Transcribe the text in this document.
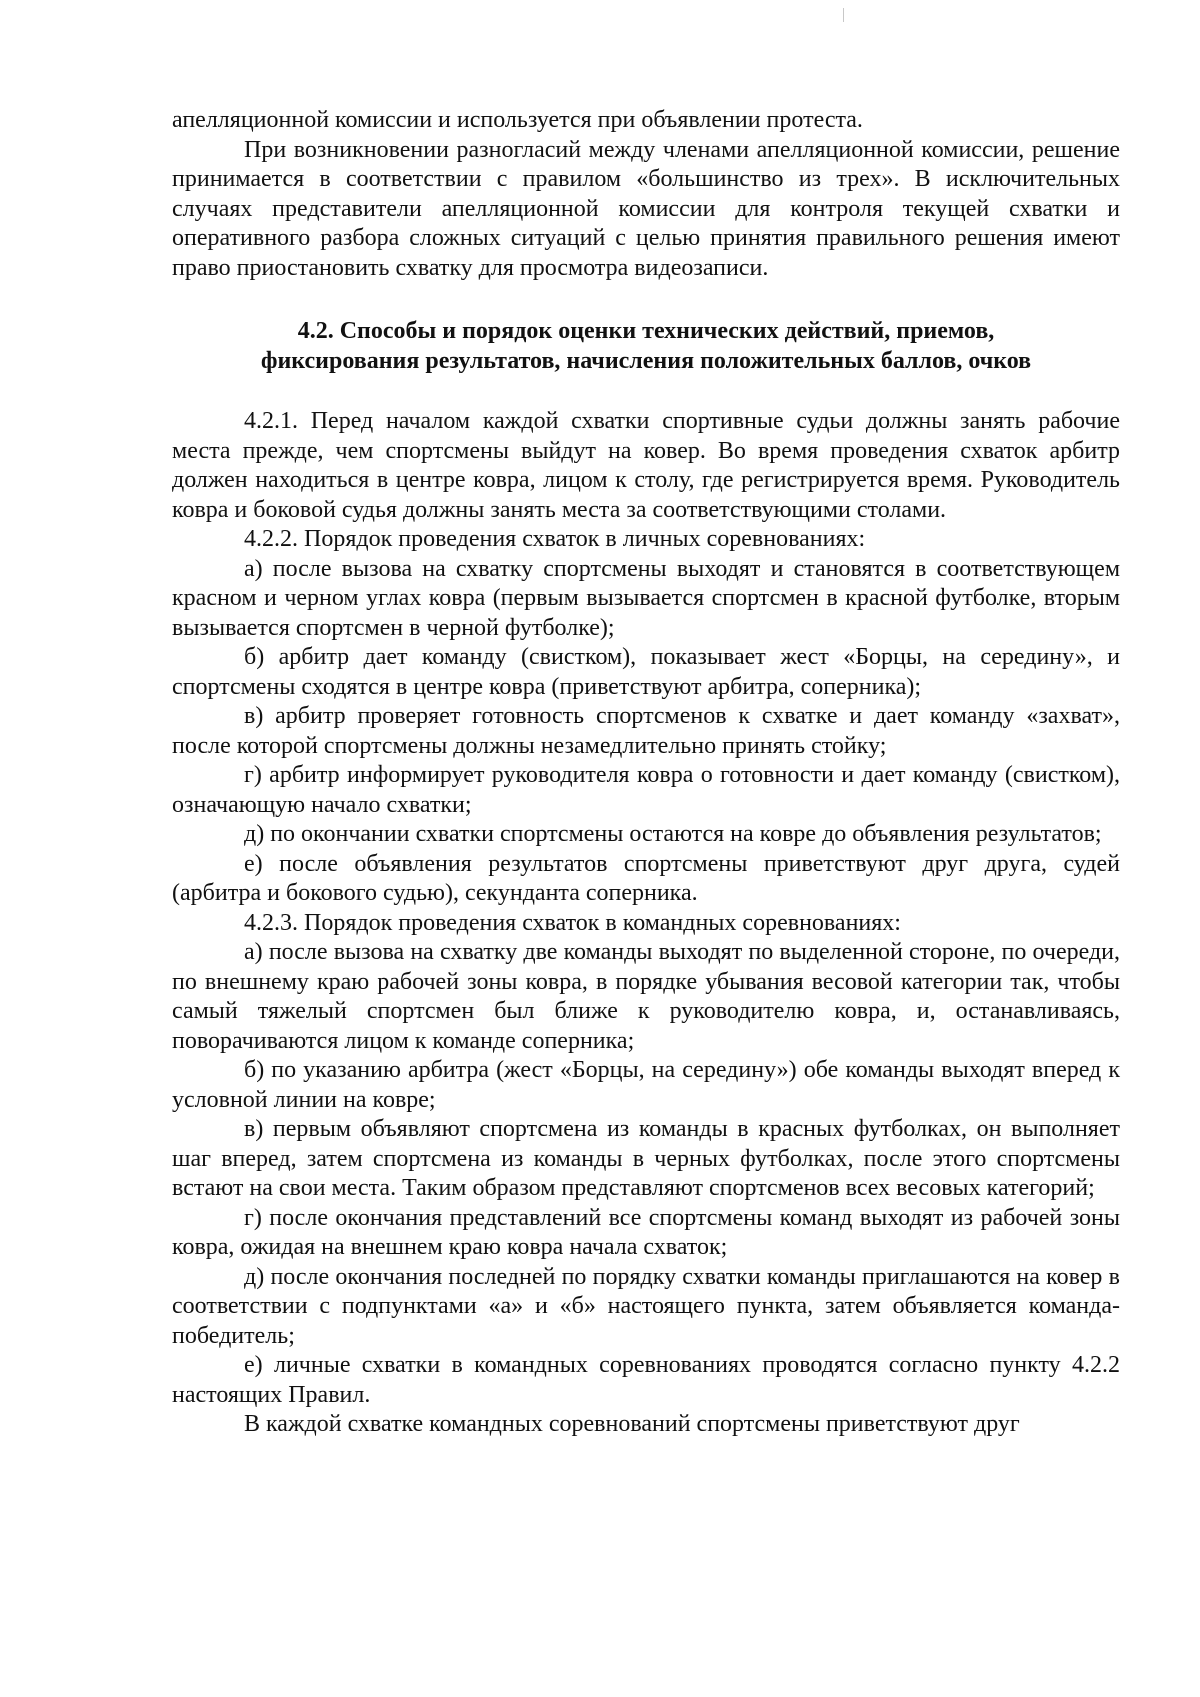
апелляционной комиссии и используется при объявлении протеста.

При возникновении разногласий между членами апелляционной комиссии, решение принимается в соответствии с правилом «большинство из трех». В исключительных случаях представители апелляционной комиссии для контроля текущей схватки и оперативного разбора сложных ситуаций с целью принятия правильного решения имеют право приостановить схватку для просмотра видеозаписи.

4.2. Способы и порядок оценки технических действий, приемов,
фиксирования результатов, начисления положительных баллов, очков

4.2.1. Перед началом каждой схватки спортивные судьи должны занять рабочие места прежде, чем спортсмены выйдут на ковер. Во время проведения схваток арбитр должен находиться в центре ковра, лицом к столу, где регистрируется время. Руководитель ковра и боковой судья должны занять места за соответствующими столами.

4.2.2. Порядок проведения схваток в личных соревнованиях:

а) после вызова на схватку спортсмены выходят и становятся в соответствующем красном и черном углах ковра (первым вызывается спортсмен в красной футболке, вторым вызывается спортсмен в черной футболке);

б) арбитр дает команду (свистком), показывает жест «Борцы, на середину», и спортсмены сходятся в центре ковра (приветствуют арбитра, соперника);

в) арбитр проверяет готовность спортсменов к схватке и дает команду «захват», после которой спортсмены должны незамедлительно принять стойку;

г) арбитр информирует руководителя ковра о готовности и дает команду (свистком), означающую начало схватки;

д) по окончании схватки спортсмены остаются на ковре до объявления результатов;

е) после объявления результатов спортсмены приветствуют друг друга, судей (арбитра и бокового судью), секунданта соперника.

4.2.3. Порядок проведения схваток в командных соревнованиях:

а) после вызова на схватку две команды выходят по выделенной стороне, по очереди, по внешнему краю рабочей зоны ковра, в порядке убывания весовой категории так, чтобы самый тяжелый спортсмен был ближе к руководителю ковра, и, останавливаясь, поворачиваются лицом к команде соперника;

б) по указанию арбитра (жест «Борцы, на середину») обе команды выходят вперед к условной линии на ковре;

в) первым объявляют спортсмена из команды в красных футболках, он выполняет шаг вперед, затем спортсмена из команды в черных футболках, после этого спортсмены встают на свои места. Таким образом представляют спортсменов всех весовых категорий;

г) после окончания представлений все спортсмены команд выходят из рабочей зоны ковра, ожидая на внешнем краю ковра начала схваток;

д) после окончания последней по порядку схватки команды приглашаются на ковер в соответствии с подпунктами «а» и «б» настоящего пункта, затем объявляется команда-победитель;

е) личные схватки в командных соревнованиях проводятся согласно пункту 4.2.2 настоящих Правил.

В каждой схватке командных соревнований спортсмены приветствуют друг
